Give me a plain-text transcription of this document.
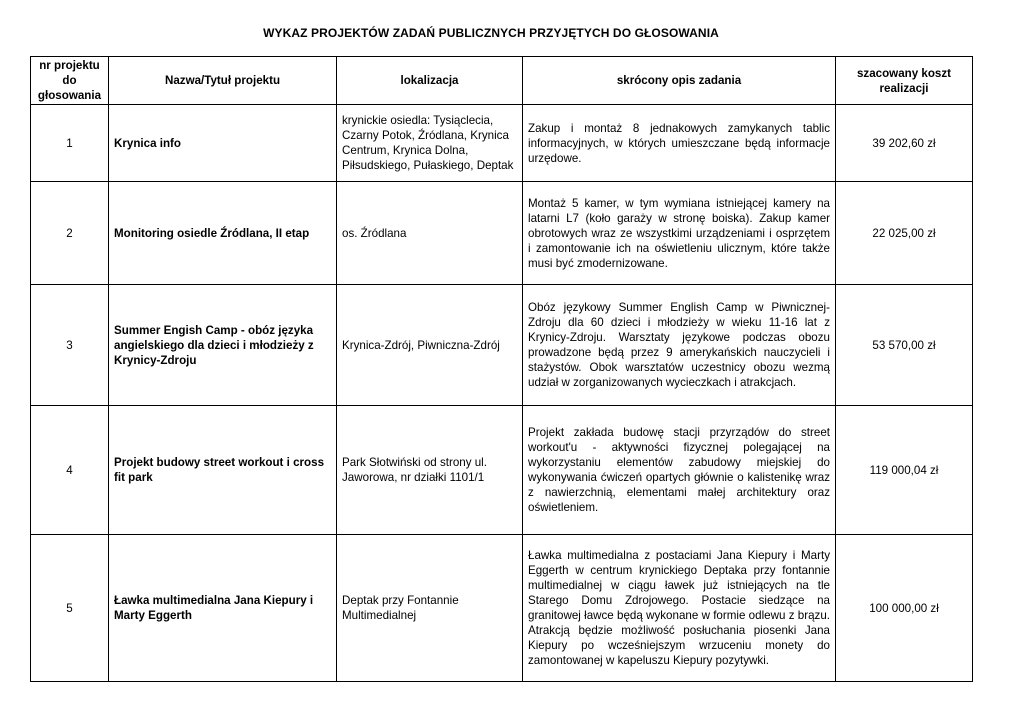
WYKAZ PROJEKTÓW ZADAŃ PUBLICZNYCH PRZYJĘTYCH DO GŁOSOWANIA
nr projektu do głosowania	Nazwa/Tytuł projektu	lokalizacja	skrócony opis zadania	szacowany koszt realizacji
1	Krynica info	krynickie osiedla: Tysiąclecia, Czarny Potok, Źródlana, Krynica Centrum, Krynica Dolna, Piłsudskiego, Pułaskiego, Deptak	Zakup i montaż 8 jednakowych zamykanych tablic informacyjnych, w których umieszczane będą informacje urzędowe.	39 202,60 zł
2	Monitoring osiedle Źródlana, II etap	os. Źródlana	Montaż 5 kamer, w tym wymiana istniejącej kamery na latarni L7 (koło garaży w stronę boiska). Zakup kamer obrotowych wraz ze wszystkimi urządzeniami i osprzętem i zamontowanie ich na oświetleniu ulicznym, które także musi być zmodernizowane.	22 025,00 zł
3	Summer Engish Camp - obóz języka angielskiego dla dzieci i młodzieży z Krynicy-Zdroju	Krynica-Zdrój, Piwniczna-Zdrój	Obóz językowy Summer English Camp w Piwnicznej-Zdroju dla 60 dzieci i młodzieży w wieku 11-16 lat z Krynicy-Zdroju. Warsztaty językowe podczas obozu prowadzone będą przez 9 amerykańskich nauczycieli i stażystów. Obok warsztatów uczestnicy obozu wezmą udział w zorganizowanych wycieczkach i atrakcjach.	53 570,00 zł
4	Projekt budowy street workout i cross fit park	Park Słotwiński od strony ul. Jaworowa, nr działki 1101/1	Projekt zakłada budowę stacji przyrządów do street workout'u - aktywności fizycznej polegającej na wykorzystaniu elementów zabudowy miejskiej do wykonywania ćwiczeń opartych głównie o kalistenikę wraz z nawierzchnią, elementami małej architektury oraz oświetleniem.	119 000,04 zł
5	Ławka multimedialna Jana Kiepury i Marty Eggerth	Deptak przy Fontannie Multimedialnej	Ławka multimedialna z postaciami Jana Kiepury i Marty Eggerth w centrum krynickiego Deptaka przy fontannie multimedialnej w ciągu ławek już istniejących na tle Starego Domu Zdrojowego. Postacie siedzące na granitowej ławce będą wykonane w formie odlewu z brązu. Atrakcją będzie możliwość posłuchania piosenki Jana Kiepury po wcześniejszym wrzuceniu monety do zamontowanej w kapeluszu Kiepury pozytywki.	100 000,00 zł
